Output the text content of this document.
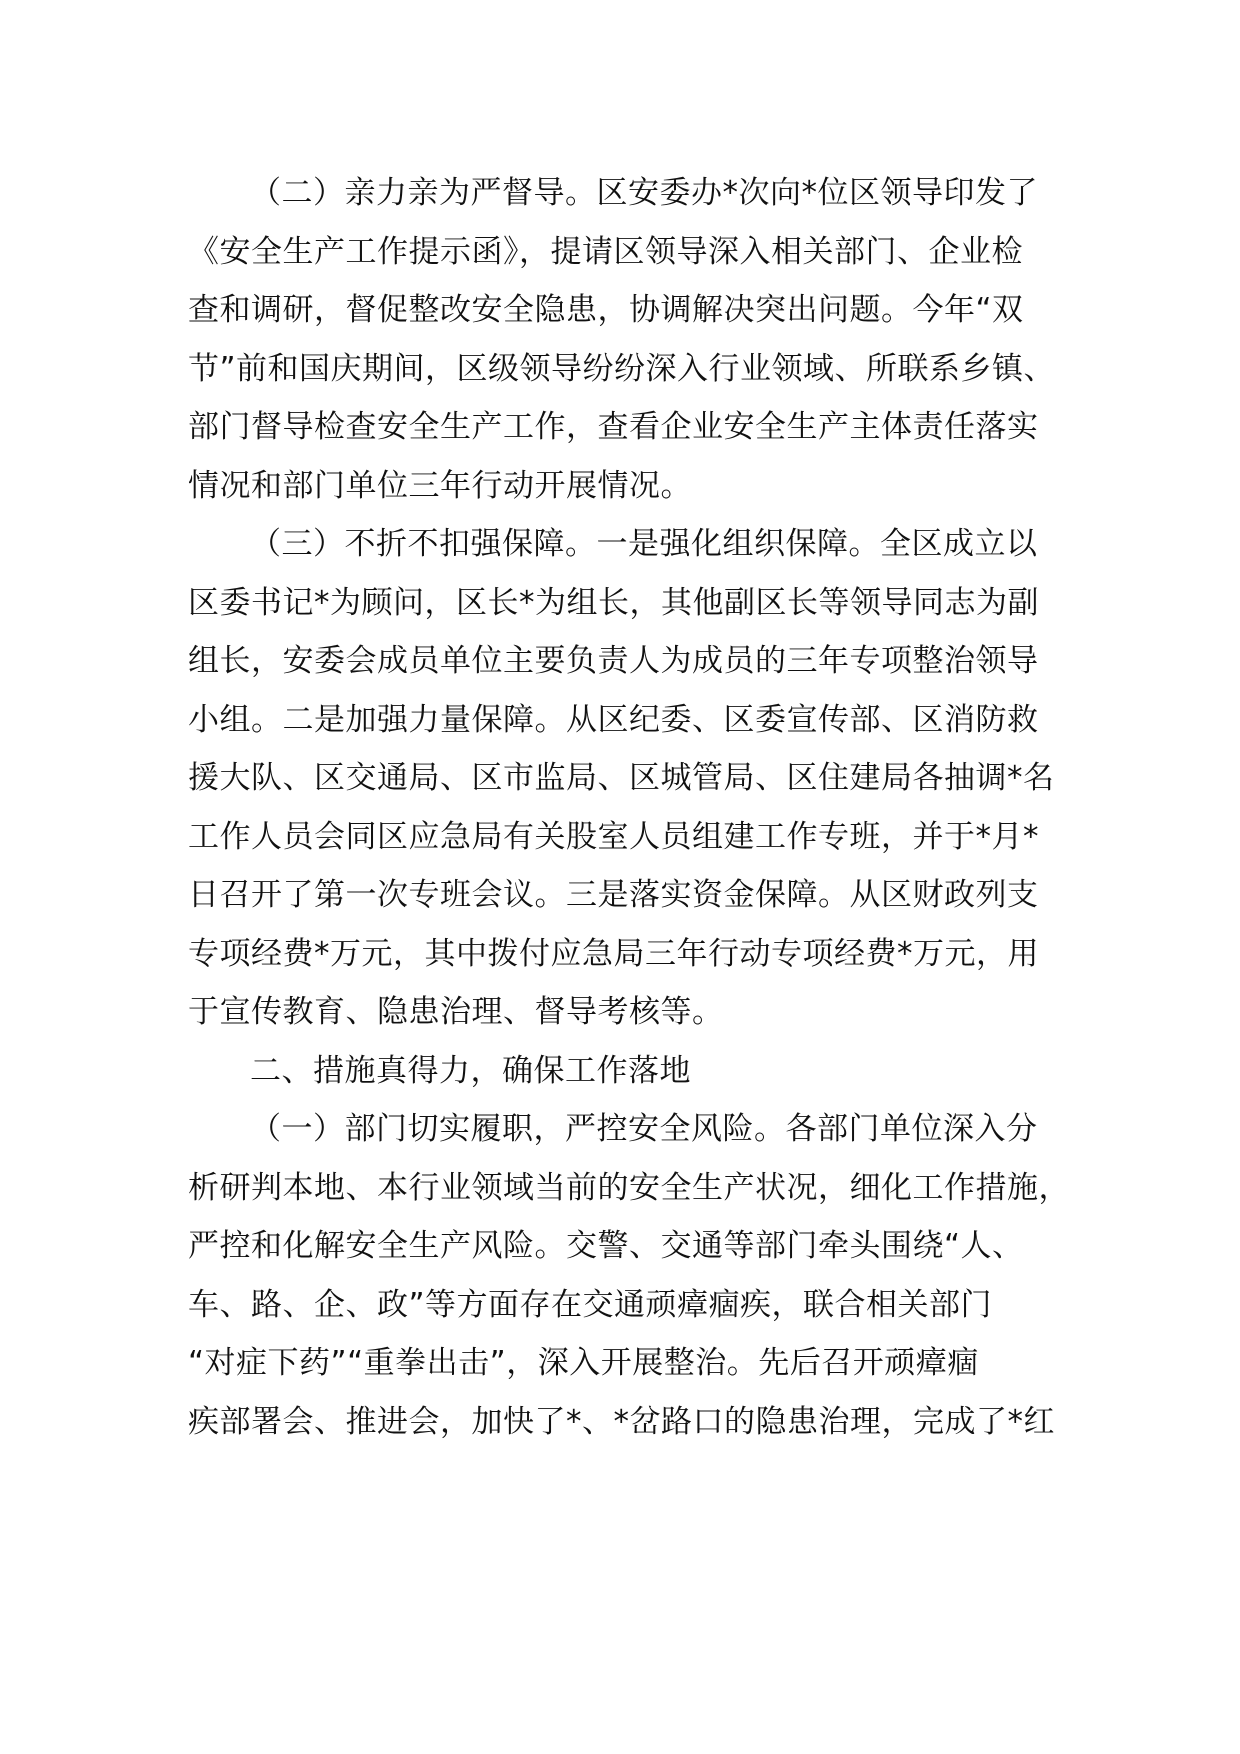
（二）亲力亲为严督导。区安委办*次向*位区领导印发了
《安全生产工作提示函》，提请区领导深入相关部门、企业检
查和调研，督促整改安全隐患，协调解决突出问题。今年“双
节”前和国庆期间，区级领导纷纷深入行业领域、所联系乡镇、
部门督导检查安全生产工作，查看企业安全生产主体责任落实
情况和部门单位三年行动开展情况。
（三）不折不扣强保障。一是强化组织保障。全区成立以
区委书记*为顾问，区长*为组长，其他副区长等领导同志为副
组长，安委会成员单位主要负责人为成员的三年专项整治领导
小组。二是加强力量保障。从区纪委、区委宣传部、区消防救
援大队、区交通局、区市监局、区城管局、区住建局各抽调*名
工作人员会同区应急局有关股室人员组建工作专班，并于*月*
日召开了第一次专班会议。三是落实资金保障。从区财政列支
专项经费*万元，其中拨付应急局三年行动专项经费*万元，用
于宣传教育、隐患治理、督导考核等。
二、措施真得力，确保工作落地
（一）部门切实履职，严控安全风险。各部门单位深入分
析研判本地、本行业领域当前的安全生产状况，细化工作措施，
严控和化解安全生产风险。交警、交通等部门牵头围绕“人、
车、路、企、政”等方面存在交通顽瘴痼疾，联合相关部门
“对症下药”“重拳出击”，深入开展整治。先后召开顽瘴痼
疾部署会、推进会，加快了*、*岔路口的隐患治理，完成了*红
